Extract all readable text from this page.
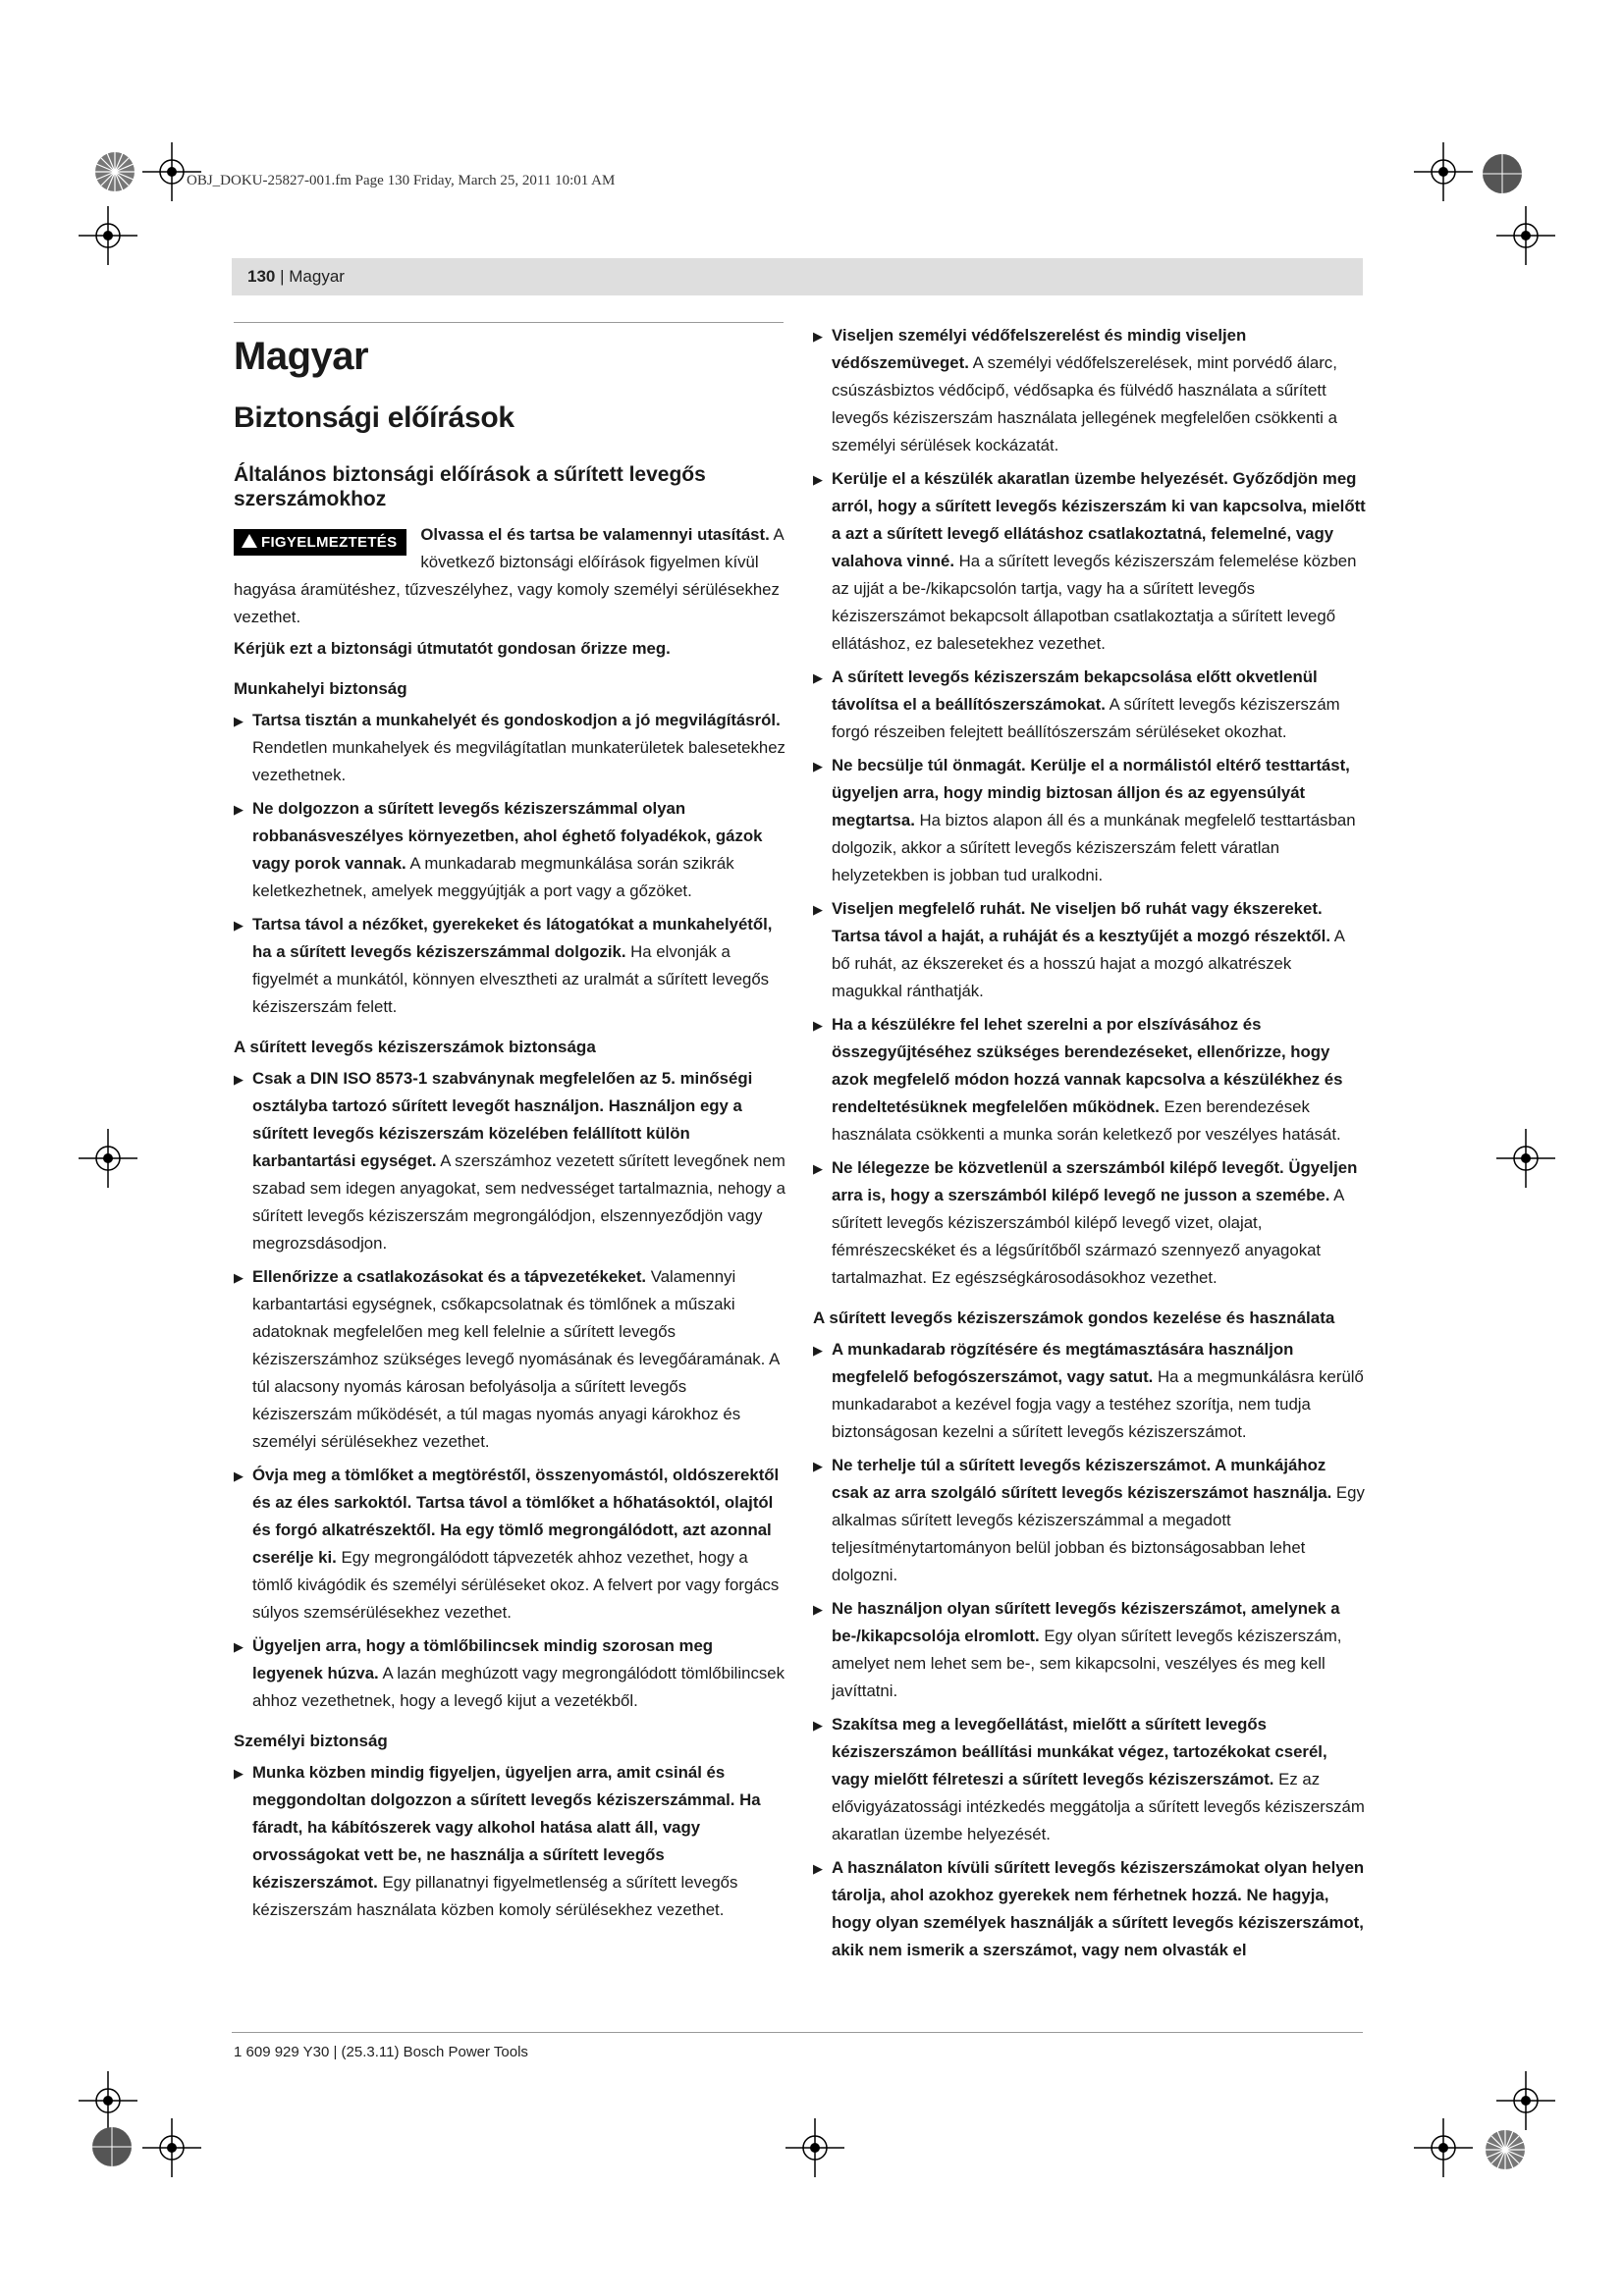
OBJ_DOKU-25827-001.fm Page 130 Friday, March 25, 2011 10:01 AM
130 | Magyar
Magyar
Biztonsági előírások
Általános biztonsági előírások a sűrített levegős szerszámokhoz
FIGYELMEZTETÉS	Olvassa el és tartsa be valamennyi utasítást. A következő biztonsági előírások figyelmen kívül hagyása áramütéshez, tűzveszélyhez, vagy komoly személyi sérülésekhez vezethet.

Kérjük ezt a biztonsági útmutatót gondosan őrizze meg.

Munkahelyi biztonság
▶ Tartsa tisztán a munkahelyét és gondoskodjon a jó megvilágításról. Rendetlen munkahelyek és megvilágítatlan munkaterületek balesetekhez vezethetnek.
▶ Ne dolgozzon a sűrített levegős kéziszerszámmal olyan robbanásveszélyes környezetben, ahol éghető folyadékok, gázok vagy porok vannak. A munkadarab megmunkálása során szikrák keletkezhetnek, amelyek meggyújtják a port vagy a gőzöket.
▶ Tartsa távol a nézőket, gyerekeket és látogatókat a munkahelyétől, ha a sűrített levegős kéziszerszámmal dolgozik. Ha elvonják a figyelmét a munkától, könnyen elvesztheti az uralmát a sűrített levegős kéziszerszám felett.
A sűrített levegős kéziszerszámok biztonsága
▶ Csak a DIN ISO 8573-1 szabványnak megfelelően az 5. minőségi osztályba tartozó sűrített levegőt használjon. Használjon egy a sűrített levegős kéziszerszám közelében felállított külön karbantartási egységet. A szerszámhoz vezetett sűrített levegőnek nem szabad sem idegen anyagokat, sem nedvességet tartalmaznia, nehogy a sűrített levegős kéziszerszám megrongálódjon, elszennyeződjön vagy megrozsdásodjon.
▶ Ellenőrizze a csatlakozásokat és a tápvezetékeket. Valamennyi karbantartási egységnek, csőkapcsolatnak és tömlőnek a műszaki adatoknak megfelelően meg kell felelnie a sűrített levegős kéziszerszámhoz szükséges levegő nyomásának és levegőáramának. A túl alacsony nyomás károsan befolyásolja a sűrített levegős kéziszerszám működését, a túl magas nyomás anyagi károkhoz és személyi sérülésekhez vezethet.
▶ Óvja meg a tömlőket a megtöréstől, összenyomástól, oldószerektől és az éles sarkoktól. Tartsa távol a tömlőket a hőhatásoktól, olajtól és forgó alkatrészektől. Ha egy tömlő megrongálódott, azt azonnal cserélje ki. Egy megrongálódott tápvezeték ahhoz vezethet, hogy a tömlő kivágódik és személyi sérüléseket okoz. A felvert por vagy forgács súlyos szemsérülésekhez vezethet.
▶ Ügyeljen arra, hogy a tömlőbilincsek mindig szorosan meg legyenek húzva. A lazán meghúzott vagy megrongálódott tömlőbilincsek ahhoz vezethetnek, hogy a levegő kijut a vezetékből.
Személyi biztonság
▶ Munka közben mindig figyeljen, ügyeljen arra, amit csinál és meggondoltan dolgozzon a sűrített levegős kéziszerszámmal. Ha fáradt, ha kábítószerek vagy alkohol hatása alatt áll, vagy orvosságokat vett be, ne használja a sűrített levegős kéziszerszámot. Egy pillanatnyi figyelmetlenség a sűrített levegős kéziszerszám használata közben komoly sérülésekhez vezethet.
▶ Viseljen személyi védőfelszerelést és mindig viseljen védőszemüveget. A személyi védőfelszerelések, mint porvédő álarc, csúszásbiztos védőcipő, védősapka és fülvédő használata a sűrített levegős kéziszerszám használata jellegének megfelelően csökkenti a személyi sérülések kockázatát.
▶ Kerülje el a készülék akaratlan üzembe helyezését. Győződjön meg arról, hogy a sűrített levegős kéziszerszám ki van kapcsolva, mielőtt a azt a sűrített levegő ellátáshoz csatlakoztatná, felemelné, vagy valahova vinné. Ha a sűrített levegős kéziszerszám felemelése közben az ujját a be-/kikapcsolón tartja, vagy ha a sűrített levegős kéziszerszámot bekapcsolt állapotban csatlakoztatja a sűrített levegő ellátáshoz, ez balesetekhez vezethet.
▶ A sűrített levegős kéziszerszám bekapcsolása előtt okvetlenül távolítsa el a beállítószerszámokat. A sűrített levegős kéziszerszám forgó részeiben felejtett beállítószerszám sérüléseket okozhat.
▶ Ne becsülje túl önmagát. Kerülje el a normálistól eltérő testtartást, ügyeljen arra, hogy mindig biztosan álljon és az egyensúlyát megtartsa. Ha biztos alapon áll és a munkának megfelelő testtartásban dolgozik, akkor a sűrített levegős kéziszerszám felett váratlan helyzetekben is jobban tud uralkodni.
▶ Viseljen megfelelő ruhát. Ne viseljen bő ruhát vagy ékszereket. Tartsa távol a haját, a ruháját és a kesztyűjét a mozgó részektől. A bő ruhát, az ékszereket és a hosszú hajat a mozgó alkatrészek magukkal ránthatják.
▶ Ha a készülékre fel lehet szerelni a por elszívásához és összegyűjtéséhez szükséges berendezéseket, ellenőrizze, hogy azok megfelelő módon hozzá vannak kapcsolva a készülékhez és rendeltetésüknek megfelelően működnek. Ezen berendezések használata csökkenti a munka során keletkező por veszélyes hatását.
▶ Ne lélegezze be közvetlenül a szerszámból kilépő levegőt. Ügyeljen arra is, hogy a szerszámból kilépő levegő ne jusson a szemébe. A sűrített levegős kéziszerszámból kilépő levegő vizet, olajat, fémrészecskéket és a légsűrítőből származó szennyező anyagokat tartalmazhat. Ez egészségkárosodásokhoz vezethet.
A sűrített levegős kéziszerszámok gondos kezelése és használata
▶ A munkadarab rögzítésére és megtámasztására használjon megfelelő befogószerszámot, vagy satut. Ha a megmunkálásra kerülő munkadarabot a kezével fogja vagy a testéhez szorítja, nem tudja biztonságosan kezelni a sűrített levegős kéziszerszámot.
▶ Ne terhelje túl a sűrített levegős kéziszerszámot. A munkájához csak az arra szolgáló sűrített levegős kéziszerszámot használja. Egy alkalmas sűrített levegős kéziszerszámmal a megadott teljesítménytartományon belül jobban és biztonságosabban lehet dolgozni.
▶ Ne használjon olyan sűrített levegős kéziszerszámot, amelynek a be-/kikapcsolója elromlott. Egy olyan sűrített levegős kéziszerszám, amelyet nem lehet sem be-, sem kikapcsolni, veszélyes és meg kell javíttatni.
▶ Szakítsa meg a levegőellátást, mielőtt a sűrített levegős kéziszerszámon beállítási munkákat végez, tartozékokat cserél, vagy mielőtt félreteszi a sűrített levegős kéziszerszámot. Ez az elővigyázatossági intézkedés meggátolja a sűrített levegős kéziszerszám akaratlan üzembe helyezését.
▶ A használaton kívüli sűrített levegős kéziszerszámokat olyan helyen tárolja, ahol azokhoz gyerekek nem férhetnek hozzá. Ne hagyja, hogy olyan személyek használják a sűrített levegős kéziszerszámot, akik nem ismerik a szerszámot, vagy nem olvasták el
1 609 929 Y30 | (25.3.11) Bosch Power Tools
